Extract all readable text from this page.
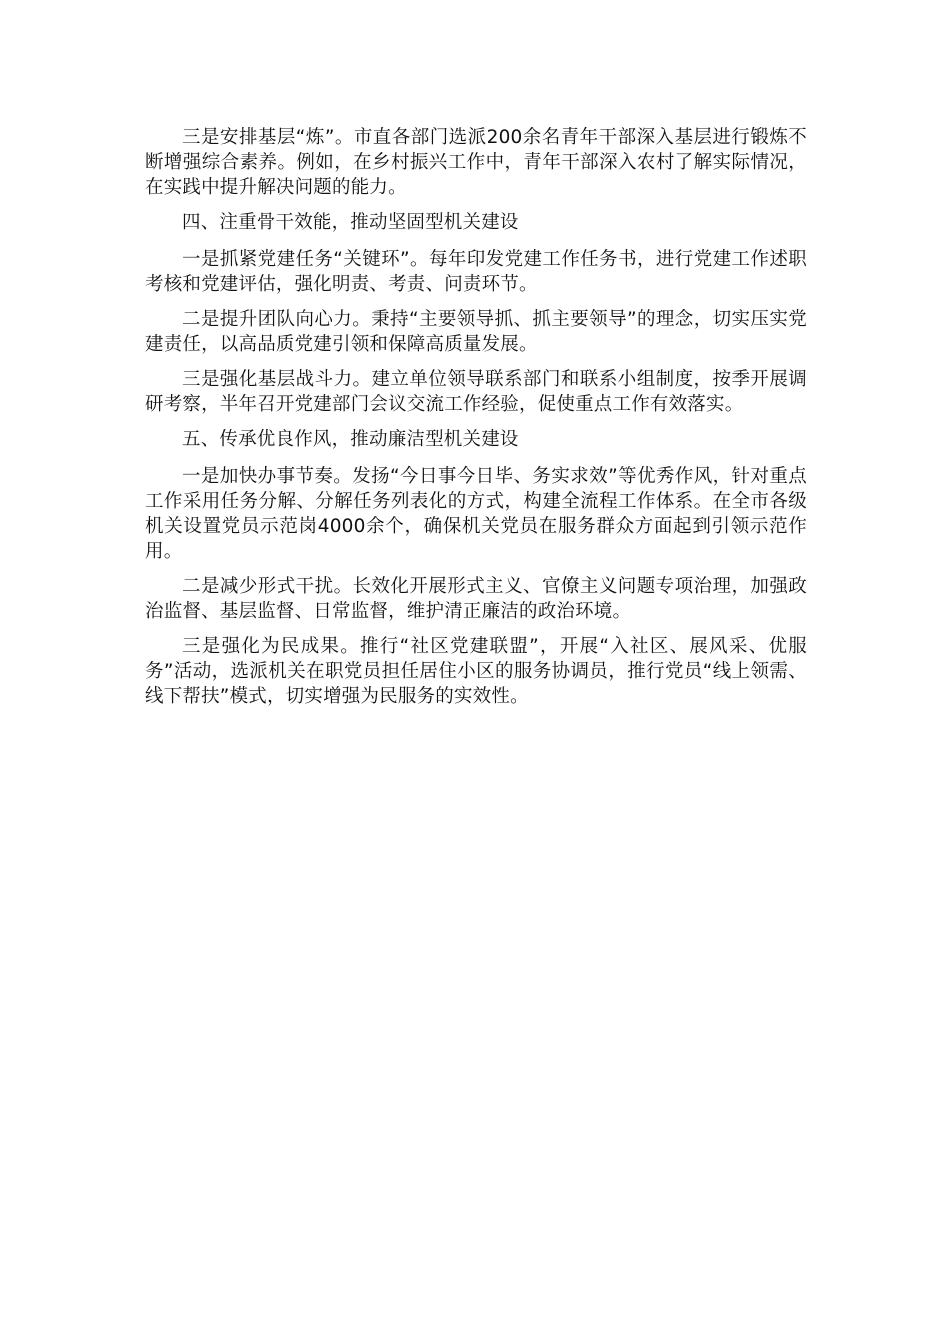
三是安排基层“炼”。市直各部门选派200余名青年干部深入基层进行锻炼不断增强综合素养。例如，在乡村振兴工作中，青年干部深入农村了解实际情况，在实践中提升解决问题的能力。

四、注重骨干效能，推动坚固型机关建设

一是抓紧党建任务“关键环”。每年印发党建工作任务书，进行党建工作述职考核和党建评估，强化明责、考责、问责环节。

二是提升团队向心力。秉持“主要领导抓、抓主要领导”的理念，切实压实党建责任，以高品质党建引领和保障高质量发展。

三是强化基层战斗力。建立单位领导联系部门和联系小组制度，按季开展调研考察，半年召开党建部门会议交流工作经验，促使重点工作有效落实。

五、传承优良作风，推动廉洁型机关建设

一是加快办事节奏。发扬“今日事今日毕、务实求效”等优秀作风，针对重点工作采用任务分解、分解任务列表化的方式，构建全流程工作体系。在全市各级机关设置党员示范岗4000余个，确保机关党员在服务群众方面起到引领示范作用。

二是减少形式干扰。长效化开展形式主义、官僚主义问题专项治理，加强政治监督、基层监督、日常监督，维护清正廉洁的政治环境。

三是强化为民成果。推行“社区党建联盟”，开展“入社区、展风采、优服务”活动，选派机关在职党员担任居住小区的服务协调员，推行党员“线上领需、线下帮扶”模式，切实增强为民服务的实效性。
